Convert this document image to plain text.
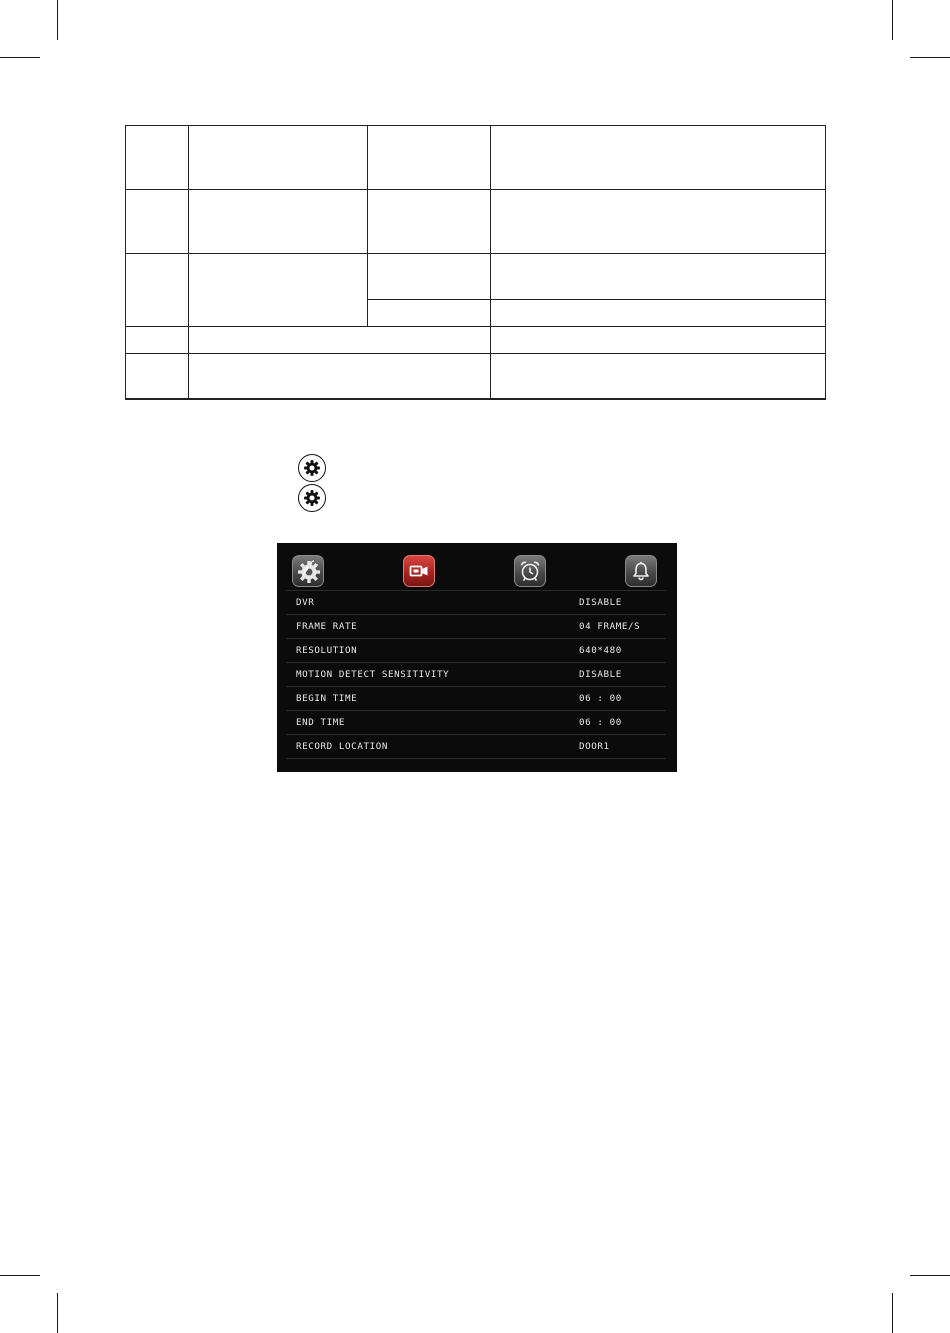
DVR	DISABLE
FRAME RATE	04 FRAME/S
RESOLUTION	640*480
MOTION DETECT SENSITIVITY	DISABLE
BEGIN TIME	06 : 00
END TIME	06 : 00
RECORD LOCATION	DOOR1
